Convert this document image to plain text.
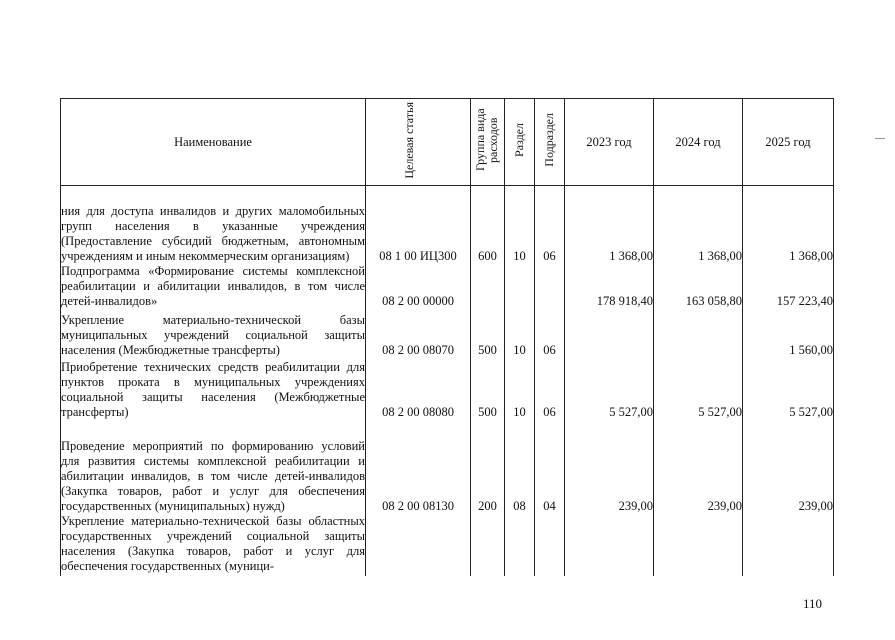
Наименование	Целевая статья	Группа вида расходов	Раздел	Подраздел	2023 год	2024 год	2025 год
ния для доступа инвалидов и других маломобильных групп населения в указанные учреждения (Предоставление субсидий бюджетным, автономным учреждениям и иным некоммерческим организациям)	08 1 00 ИЦ300	600	10	06	1 368,00	1 368,00	1 368,00
Подпрограмма «Формирование системы комплексной реабилитации и абилитации инвалидов, в том числе детей-инвалидов»	08 2 00 00000				178 918,40	163 058,80	157 223,40
Укрепление материально-технической базы муниципальных учреждений социальной защиты населения (Межбюджетные трансферты)	08 2 00 08070	500	10	06			1 560,00
Приобретение технических средств реабилитации для пунктов проката в муниципальных учреждениях социальной защиты населения (Межбюджетные трансферты)	08 2 00 08080	500	10	06	5 527,00	5 527,00	5 527,00
Проведение мероприятий по формированию условий для развития системы комплексной реабилитации и абилитации инвалидов, в том числе детей-инвалидов (Закупка товаров, работ и услуг для обеспечения государственных (муниципальных) нужд)	08 2 00 08130	200	08	04	239,00	239,00	239,00
Укрепление материально-технической базы областных государственных учреждений социальной защиты населения (Закупка товаров, работ и услуг для обеспечения государственных (муници-							
110
